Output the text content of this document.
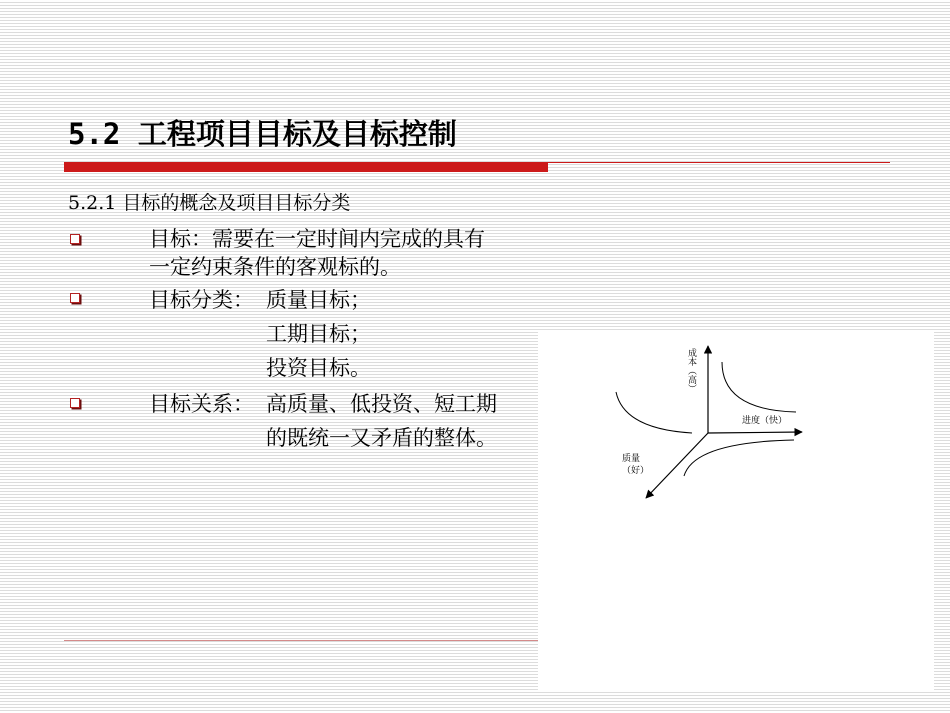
5.2 工程项目目标及目标控制
5.2.1 目标的概念及项目目标分类
目标： 需要在一定时间内完成的具有
一定约束条件的客观标的。
目标分类： 质量目标；
工期目标；
投资目标。
目标关系： 高质量、低投资、短工期
的既统一又矛盾的整体。
成本（高）
进度（快）
质量
（好）
